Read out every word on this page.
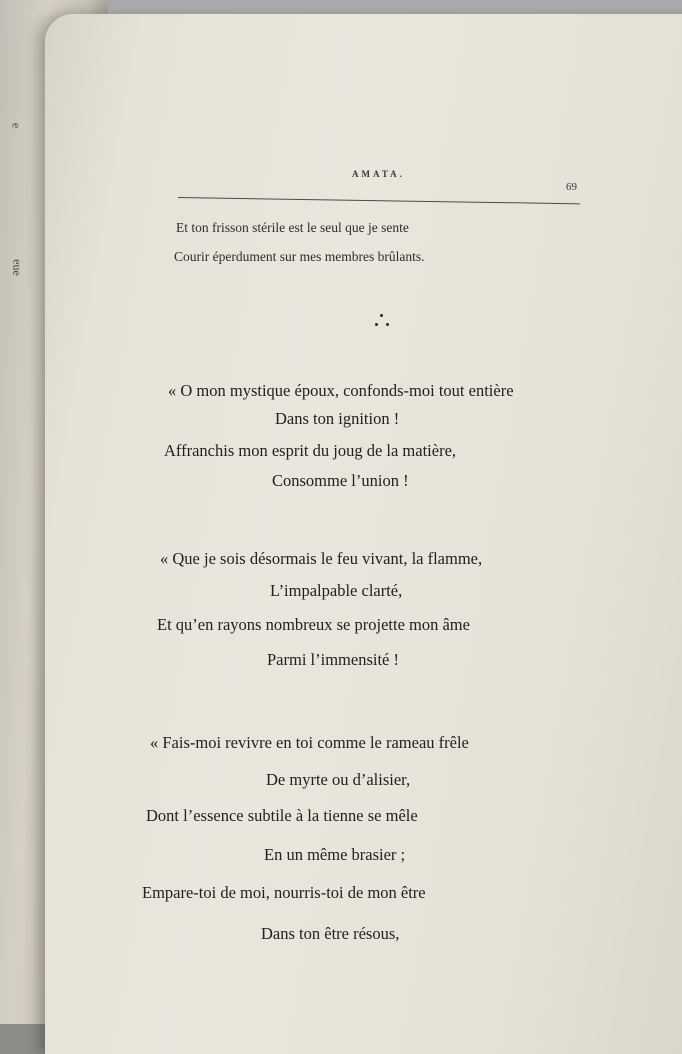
e
eue
AMATA.
69
Et ton frisson stérile est le seul que je sente
Courir éperdument sur mes membres brûlants.
« O mon mystique époux, confonds-moi tout entière
Dans ton ignition !
Affranchis mon esprit du joug de la matière,
Consomme l’union !
« Que je sois désormais le feu vivant, la flamme,
L’impalpable clarté,
Et qu’en rayons nombreux se projette mon âme
Parmi l’immensité !
« Fais-moi revivre en toi comme le rameau frêle
De myrte ou d’alisier,
Dont l’essence subtile à la tienne se mêle
En un même brasier ;
Empare-toi de moi, nourris-toi de mon être
Dans ton être résous,
